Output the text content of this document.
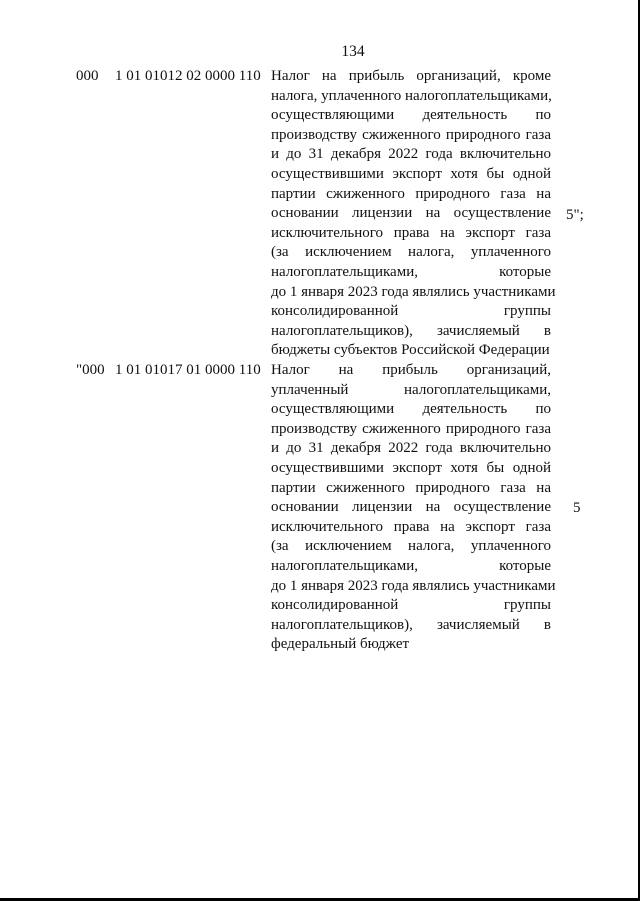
134
000 1 01 01012 02 0000 110 Налог на прибыль организаций, кроме
налога, уплаченного налогоплательщиками,
осуществляющими деятельность по
производству сжиженного природного газа
и до 31 декабря 2022 года включительно
осуществившими экспорт хотя бы одной
партии сжиженного природного газа на
основании лицензии на осуществление
исключительного права на экспорт газа
(за исключением налога, уплаченного
налогоплательщиками, которые
до 1 января 2023 года являлись участниками
консолидированной группы
налогоплательщиков), зачисляемый в
бюджеты субъектов Российской Федерации
5";
"000 1 01 01017 01 0000 110 Налог на прибыль организаций,
уплаченный налогоплательщиками,
осуществляющими деятельность по
производству сжиженного природного газа
и до 31 декабря 2022 года включительно
осуществившими экспорт хотя бы одной
партии сжиженного природного газа на
основании лицензии на осуществление
исключительного права на экспорт газа
(за исключением налога, уплаченного
налогоплательщиками, которые
до 1 января 2023 года являлись участниками
консолидированной группы
налогоплательщиков), зачисляемый в
федеральный бюджет
5
